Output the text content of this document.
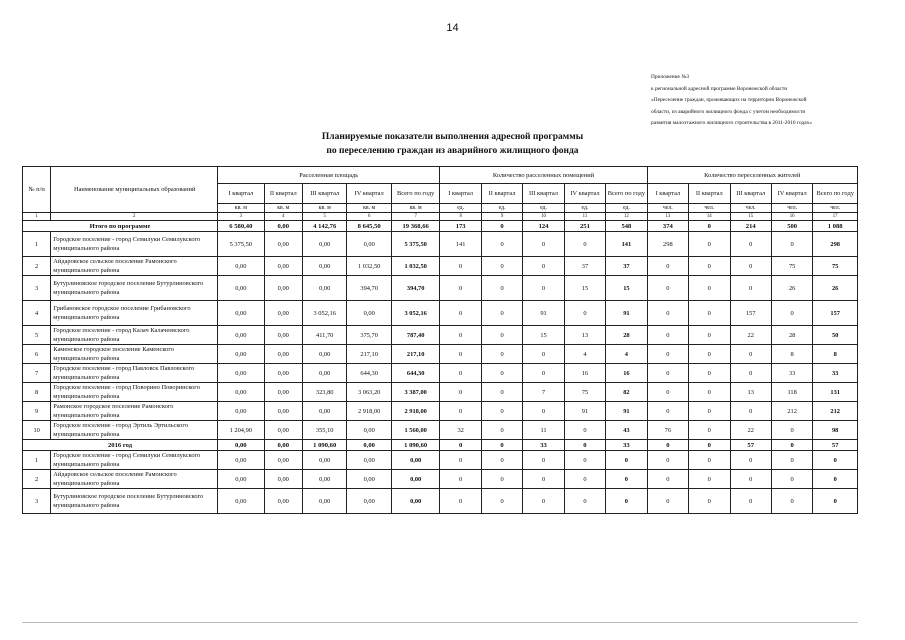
14
Приложение №3
к региональной адресной программе Воронежской области
«Переселение граждан, проживающих на территории Воронежской
области, из аварийного жилищного фонда с учетом необходимости
развития малоэтажного жилищного строительства в 2011-2016 годах»
Планируемые показатели выполнения адресной программы
по переселению граждан из аварийного жилищного фонда
№ п/п	Наименование муниципальных образований	Расселенная площадь					Количество расселенных помещений					Количество переселенных жителей				
		I квартал	II квартал	III квартал	IV квартал	Всего по году	I квартал	II квартал	III квартал	IV квартал	Всего по году	I квартал	II квартал	III квартал	IV квартал	Всего по году
		кв. м	кв. м	кв. м	кв. м	кв. м	ед.	ед.	ед.	ед.	ед.	чел.	чел.	чел.	чел.	чел.
1	2	3	4	5	6	7	8	9	10	11	12	13	14	15	16	17
Итого по программе		6 580,40	0,00	4 142,76	8 645,50	19 368,66	173	0	124	251	548	374	0	214	500	1 088
1	Городское поселение - город Семилуки Семилукского муниципального района	5 375,50	0,00	0,00	0,00	5 375,50	141	0	0	0	141	298	0	0	0	298
2	Айдаровское сельское поселение Рамонского муниципального района	0,00	0,00	0,00	1 032,50	1 032,50	0	0	0	37	37	0	0	0	75	75
3	Бутурлиновское городское поселение Бутурлиновского муниципального района	0,00	0,00	0,00	394,70	394,70	0	0	0	15	15	0	0	0	26	26
4	Грибановское городское поселение Грибановского муниципального района	0,00	0,00	3 052,16	0,00	3 052,16	0	0	91	0	91	0	0	157	0	157
5	Городское поселение - город Калач Калачеевского муниципального района	0,00	0,00	411,70	375,70	787,40	0	0	15	13	28	0	0	22	28	50
6	Каменское городское поселение Каменского муниципального района	0,00	0,00	0,00	217,10	217,10	0	0	0	4	4	0	0	0	8	8
7	Городское поселение - город Павловск Павловского муниципального района	0,00	0,00	0,00	644,30	644,30	0	0	0	16	16	0	0	0	33	33
8	Городское поселение - город Поворино Поворинского муниципального района	0,00	0,00	323,80	3 063,20	3 387,00	0	0	7	75	82	0	0	13	118	131
9	Рамонское городское поселение Рамонского муниципального района	0,00	0,00	0,00	2 918,00	2 918,00	0	0	0	91	91	0	0	0	212	212
10	Городское поселение - город Эртиль Эртильского муниципального района	1 204,90	0,00	355,10	0,00	1 560,00	32	0	11	0	43	76	0	22	0	98
2016 год		0,00	0,00	1 090,60	0,00	1 090,60	0	0	33	0	33	0	0	57	0	57
1	Городское поселение - город Семилуки Семилукского муниципального района	0,00	0,00	0,00	0,00	0,00	0	0	0	0	0	0	0	0	0	0
2	Айдаровское сельское поселение Рамонского муниципального района	0,00	0,00	0,00	0,00	0,00	0	0	0	0	0	0	0	0	0	0
3	Бутурлиновское городское поселение Бутурлиновского муниципального района	0,00	0,00	0,00	0,00	0,00	0	0	0	0	0	0	0	0	0	0
